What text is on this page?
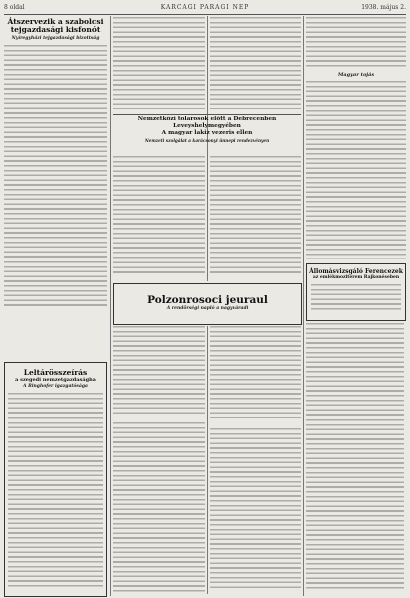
8 oldal	KARCAGI PARAGI NEP	1938. május 2.
Átszervezik a szabolcsi
tejgazdasági kisfonót
Nyíregyházi tejgazdasági bizottság
Leltárösszeírás
a szegedi nemzetgazdaságba
A Ringhofer igazgatósága
Nemzetközi tolarosok előtt a Debrecenben Leveyshelymegyében
A magyar lakiz vezeris ellen
Nemzeti szolgálat a karácsonyi ünnepi rendezvényen
Polzonrosoci jeuraul
A rendőrségi napló a nagyváradi
Magyar tojás
Állomásvizsgáló Ferencezek
az emlékmoziterem Rajkonéseben
